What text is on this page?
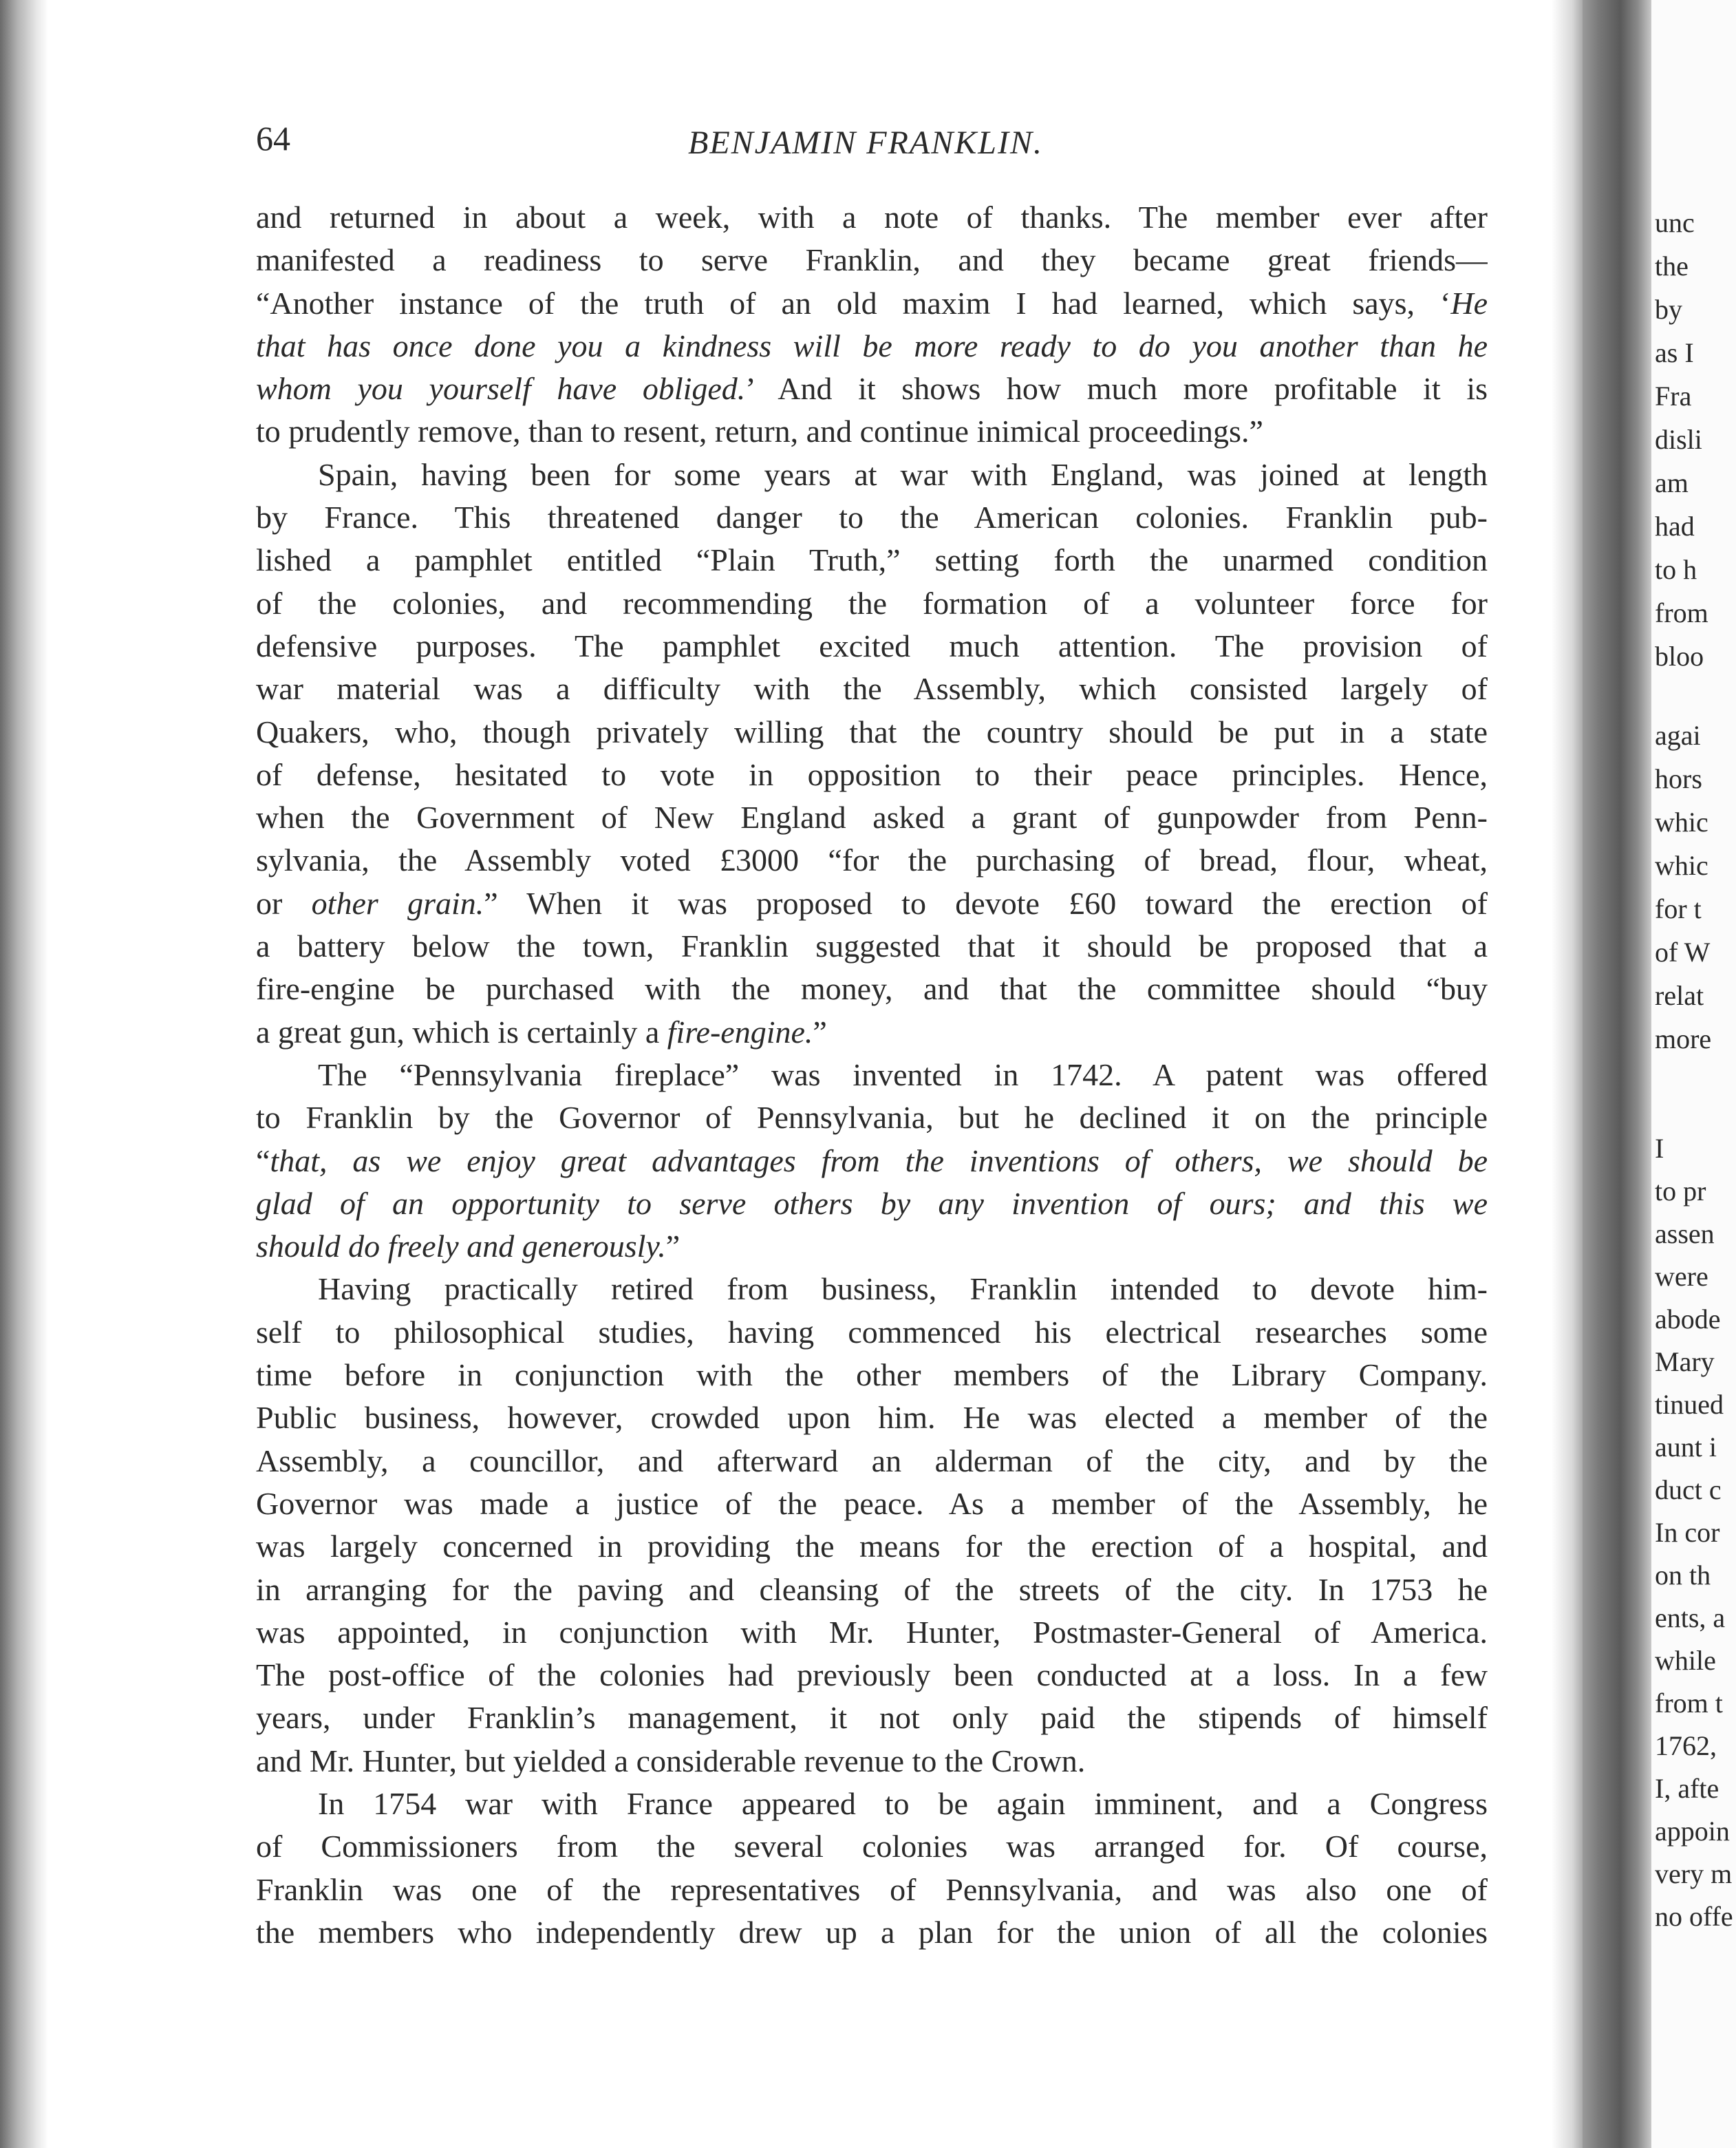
64	BENJAMIN FRANKLIN.
and returned in about a week, with a note of thanks. The member ever after
manifested a readiness to serve Franklin, and they became great friends—
“Another instance of the truth of an old maxim I had learned, which says, ‘He
that has once done you a kindness will be more ready to do you another than he
whom you yourself have obliged.’ And it shows how much more profitable it is
to prudently remove, than to resent, return, and continue inimical proceedings.”
Spain, having been for some years at war with England, was joined at length
by France. This threatened danger to the American colonies. Franklin pub-
lished a pamphlet entitled “Plain Truth,” setting forth the unarmed condition
of the colonies, and recommending the formation of a volunteer force for
defensive purposes. The pamphlet excited much attention. The provision of
war material was a difficulty with the Assembly, which consisted largely of
Quakers, who, though privately willing that the country should be put in a state
of defense, hesitated to vote in opposition to their peace principles. Hence,
when the Government of New England asked a grant of gunpowder from Penn-
sylvania, the Assembly voted £3000 “for the purchasing of bread, flour, wheat,
or other grain.” When it was proposed to devote £60 toward the erection of
a battery below the town, Franklin suggested that it should be proposed that a
fire-engine be purchased with the money, and that the committee should “buy
a great gun, which is certainly a fire-engine.”
The “Pennsylvania fireplace” was invented in 1742. A patent was offered
to Franklin by the Governor of Pennsylvania, but he declined it on the principle
“that, as we enjoy great advantages from the inventions of others, we should be
glad of an opportunity to serve others by any invention of ours; and this we
should do freely and generously.”
Having practically retired from business, Franklin intended to devote him-
self to philosophical studies, having commenced his electrical researches some
time before in conjunction with the other members of the Library Company.
Public business, however, crowded upon him. He was elected a member of the
Assembly, a councillor, and afterward an alderman of the city, and by the
Governor was made a justice of the peace. As a member of the Assembly, he
was largely concerned in providing the means for the erection of a hospital, and
in arranging for the paving and cleansing of the streets of the city. In 1753 he
was appointed, in conjunction with Mr. Hunter, Postmaster-General of America.
The post-office of the colonies had previously been conducted at a loss. In a few
years, under Franklin’s management, it not only paid the stipends of himself
and Mr. Hunter, but yielded a considerable revenue to the Crown.
In 1754 war with France appeared to be again imminent, and a Congress
of Commissioners from the several colonies was arranged for. Of course,
Franklin was one of the representatives of Pennsylvania, and was also one of
the members who independently drew up a plan for the union of all the colonies
unc
the
by
as I
Fra
disli
am
had
to h
from
bloo
agai
hors
whic
whic
for t
of W
relat
more
I
to pr
assen
were
abode
Mary
tinued
aunt i
duct c
In cor
on th
ents, a
while
from t
1762,
I, afte
appoin
very m
no offe
